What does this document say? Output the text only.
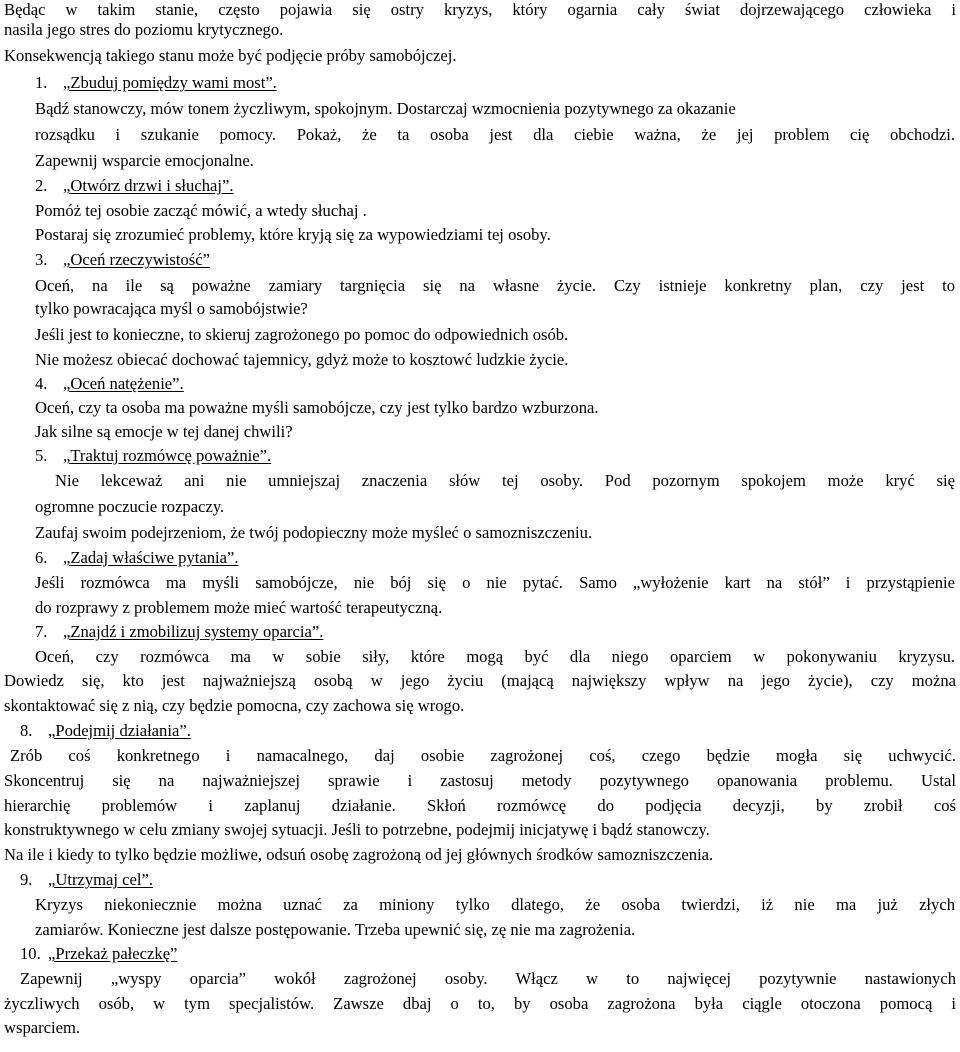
Będąc w takim stanie, często pojawia się ostry kryzys, który ogarnia cały świat dojrzewającego człowieka i
nasila jego stres do poziomu krytycznego.
Konsekwencją takiego stanu może być podjęcie próby samobójczej.
1. „Zbuduj pomiędzy wami most”.
Bądź stanowczy, mów tonem życzliwym, spokojnym. Dostarczaj wzmocnienia pozytywnego za okazanie
rozsądku i szukanie pomocy. Pokaż, że ta osoba jest dla ciebie ważna, że jej problem cię obchodzi.
Zapewnij wsparcie emocjonalne.
2. „Otwórz drzwi i słuchaj”.
Pomóż tej osobie zacząć mówić, a wtedy słuchaj .
Postaraj się zrozumieć problemy, które kryją się za wypowiedziami tej osoby.
3. „Oceń rzeczywistość”
Oceń, na ile są poważne zamiary targnięcia się na własne życie. Czy istnieje konkretny plan, czy jest to
tylko powracająca myśl o samobójstwie?
Jeśli jest to konieczne, to skieruj zagrożonego po pomoc do odpowiednich osób.
Nie możesz obiecać dochować tajemnicy, gdyż może to kosztowć ludzkie życie.
4. „Oceń natężenie”.
Oceń, czy ta osoba ma poważne myśli samobójcze, czy jest tylko bardzo wzburzona.
Jak silne są emocje w tej danej chwili?
5. „Traktuj rozmówcę poważnie”.
Nie lekceważ ani nie umniejszaj znaczenia słów tej osoby. Pod pozornym spokojem może kryć się
ogromne poczucie rozpaczy.
Zaufaj swoim podejrzeniom, że twój podopieczny może myśleć o samozniszczeniu.
6. „Zadaj właściwe pytania”.
Jeśli rozmówca ma myśli samobójcze, nie bój się o nie pytać. Samo „wyłożenie kart na stół” i przystąpienie
do rozprawy z problemem może mieć wartość terapeutyczną.
7. „Znajdź i zmobilizuj systemy oparcia”.
Oceń, czy rozmówca ma w sobie siły, które mogą być dla niego oparciem w pokonywaniu kryzysu.
Dowiedz się, kto jest najważniejszą osobą w jego życiu (mającą największy wpływ na jego życie), czy można
skontaktować się z nią, czy będzie pomocna, czy zachowa się wrogo.
8. „Podejmij działania”.
Zrób coś konkretnego i namacalnego, daj osobie zagrożonej coś, czego będzie mogła się uchwycić.
Skoncentruj się na najważniejszej sprawie i zastosuj metody pozytywnego opanowania problemu. Ustal
hierarchię problemów i zaplanuj działanie. Skłoń rozmówcę do podjęcia decyzji, by zrobił coś
konstruktywnego w celu zmiany swojej sytuacji. Jeśli to potrzebne, podejmij inicjatywę i bądź stanowczy.
Na ile i kiedy to tylko będzie możliwe, odsuń osobę zagrożoną od jej głównych środków samozniszczenia.
9. „Utrzymaj cel”.
Kryzys niekoniecznie można uznać za miniony tylko dlatego, że osoba twierdzi, iż nie ma już złych
zamiarów. Konieczne jest dalsze postępowanie. Trzeba upewnić się, zę nie ma zagrożenia.
10. „Przekaż pałeczkę”
Zapewnij „wyspy oparcia” wokół zagrożonej osoby. Włącz w to najwięcej pozytywnie nastawionych
życzliwych osób, w tym specjalistów. Zawsze dbaj o to, by osoba zagrożona była ciągle otoczona pomocą i
wsparciem.
